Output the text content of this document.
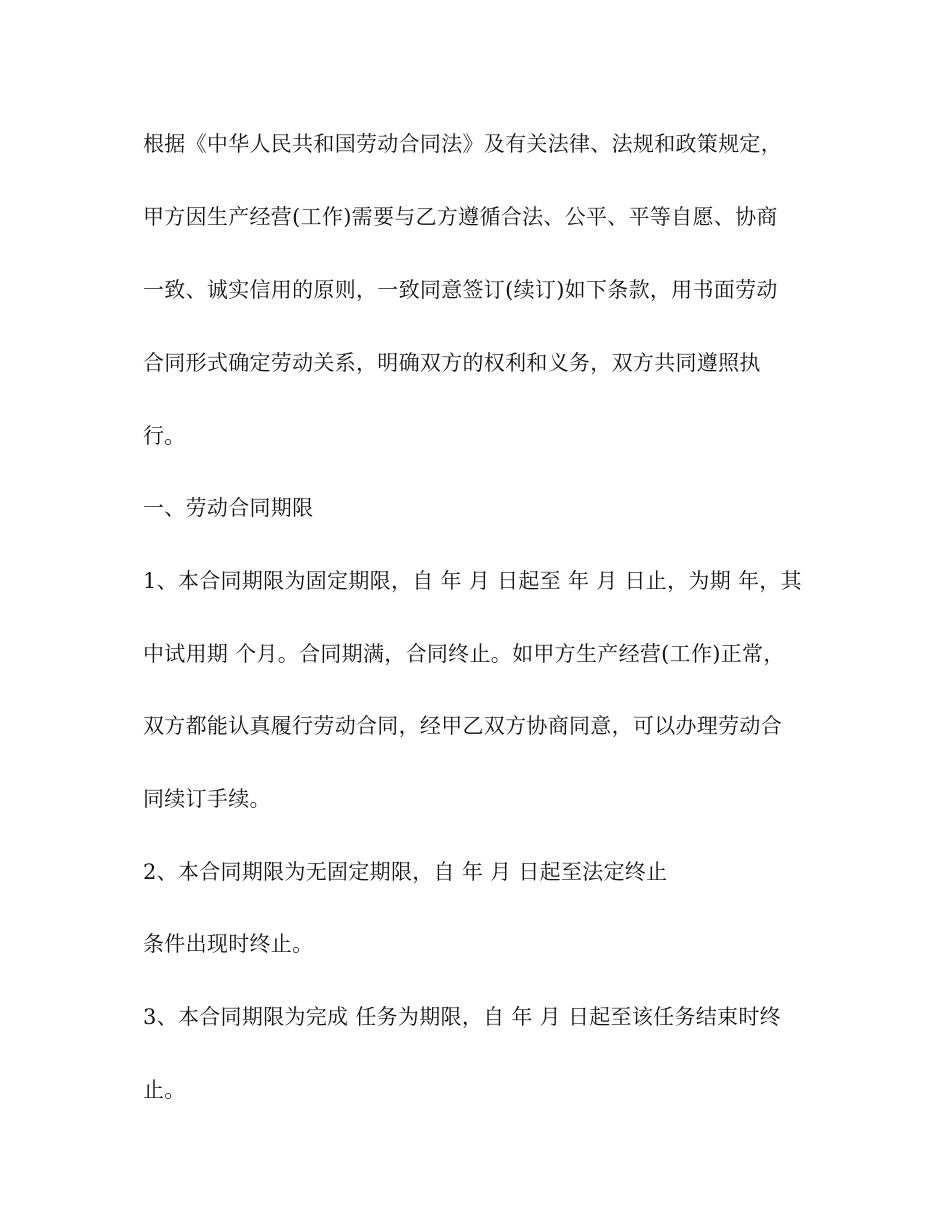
根据《中华人民共和国劳动合同法》及有关法律、法规和政策规定，
甲方因生产经营(工作)需要与乙方遵循合法、公平、平等自愿、协商
一致、诚实信用的原则，一致同意签订(续订)如下条款，用书面劳动
合同形式确定劳动关系，明确双方的权利和义务，双方共同遵照执
行。
一、劳动合同期限
1、本合同期限为固定期限，自 年 月 日起至 年 月 日止，为期 年，其
中试用期 个月。合同期满，合同终止。如甲方生产经营(工作)正常，
双方都能认真履行劳动合同，经甲乙双方协商同意，可以办理劳动合
同续订手续。
2、本合同期限为无固定期限，自 年 月 日起至法定终止
条件出现时终止。
3、本合同期限为完成 任务为期限，自 年 月 日起至该任务结束时终
止。
